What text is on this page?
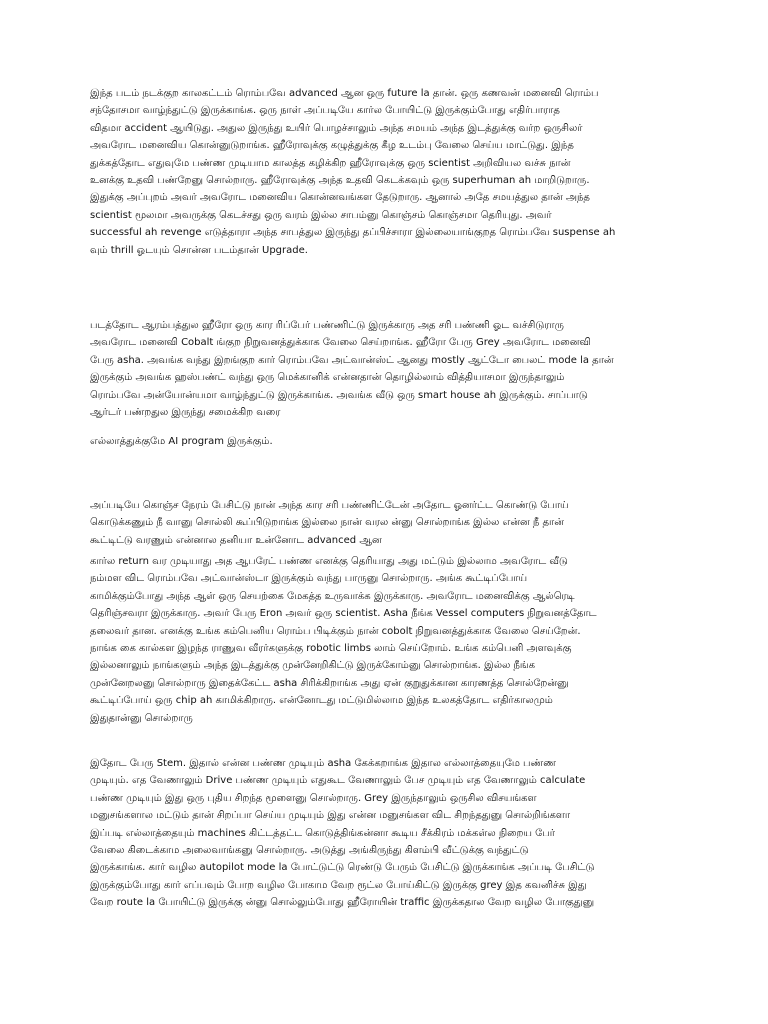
இந்த படம் நடக்குற காலகட்டம் ரொம்பவே advanced ஆன ஒரு future la தான். ஒரு கணவன் மனைவி ரொம்ப
சந்தோசமா வாழ்ந்துட்டு இருக்காங்க. ஒரு நாள் அப்படியே கார்ல போயிட்டு இருக்கும்போது எதிர்பாராத
விதமா accident ஆயிடுது. அதுல இருந்து உயிர் பொழச்சாலும் அந்த சமயம் அந்த இடத்துக்கு வர்ற ஒருசிலர்
அவரோட மனைவிய கொன்னுடுறாங்க. ஹீரோவுக்கு கழுத்துக்கு கீழ உடம்பு வேலை செய்ய மாட்டுது. இந்த
துக்கத்தோட எதுவுமே பண்ண முடியாம காலத்த கழிக்கிற ஹீரோவுக்கு ஒரு scientist அறிவியல வச்சு நான்
உனக்கு உதவி பண்றேனு சொல்றாரு. ஹீரோவுக்கு அந்த உதவி கெடக்கவும் ஒரு superhuman ah மாறிடுறாரு.
இதுக்கு அப்புறம் அவர் அவரோட மனைவிய கொன்னவங்கள தேடுறாரு. ஆனால் அதே சமயத்துல தான் அந்த
scientist மூலமா அவருக்கு கெடச்சது ஒரு வரம் இல்ல சாபம்னு கொஞ்சம் கொஞ்சமா தெரியுது. அவர்
successful ah revenge எடுத்தாரா அந்த சாபத்துல இருந்து தப்பிச்சாரா இல்லையாங்குறத ரொம்பவே suspense ah
வும் thrill ஓடயும் சொன்ன படம்தான் Upgrade.

படத்தோட ஆரம்பத்துல ஹீரோ ஒரு கார ரிப்பேர் பண்ணிட்டு இருக்காரு அத சரி பண்ணி ஓட வச்சிடுராரு
அவரோட மனைவி Cobalt ங்குற நிறுவனத்துக்காக வேலை செய்றாங்க. ஹீரோ பேரு Grey அவரோட மனைவி
பேரு asha. அவங்க வந்து இறங்குற கார் ரொம்பவே அட்வான்ஸ்ட் ஆனது mostly ஆட்டோ பைலட் mode la தான்
இருக்கும் அவங்க ஹஸ்பண்ட் வந்து ஒரு மெக்கானிக் என்னதான் தொழில்லாம் வித்தியாசமா இருந்தாலும்
ரொம்பவே அன்யோன்யமா வாழ்ந்துட்டு இருக்காங்க. அவங்க வீடு ஒரு smart house ah இருக்கும். சாப்பாடு
ஆர்டர் பண்றதுல இருந்து சமைக்கிற வரை

எல்லாத்துக்குமே AI program இருக்கும்.

அப்படியே கொஞ்ச நேரம் பேசிட்டு நான் அந்த கார சரி பண்ணிட்டேன் அதோட ஓனர்ட்ட கொண்டு போய்
கொடுக்கணும் நீ வானு சொல்லி கூப்பிடுறாங்க இல்லை நான் வரல ன்னு சொல்றாங்க இல்ல என்ன நீ தான்
கூட்டிட்டு வரணும் என்னால தனியா உன்னோட advanced ஆன

கார்ல return வர முடியாது அத ஆபரேட் பண்ண எனக்கு தெரியாது அது மட்டும் இல்லாம அவரோட வீடு
நம்மள விட ரொம்பவே அட்வான்ஸ்டா இருக்கும் வந்து பாருனு சொல்றாரு. அங்க கூட்டிப்போய்
காமிக்கும்போது அந்த ஆள் ஒரு செயற்கை மேகத்த உருவாக்க இருக்காரு. அவரோட மனைவிக்கு ஆல்ரெடி
தெரிஞ்சவரா இருக்காரு. அவர் பேரு Eron அவர் ஒரு scientist. Asha நீங்க Vessel computers நிறுவனத்தோட
தலைவர் தான. எனக்கு உங்க கம்பெனிய ரொம்ப பிடிக்கும் நான் cobolt நிறுவனத்துக்காக வேலை செய்றேன்.
நாங்க கை கால்கள இழந்த ராணுவ வீரர்களுக்கு robotic limbs லாம் செய்றோம். உங்க கம்பெனி அளவுக்கு
இல்லனாலும் நாங்களும் அந்த இடத்துக்கு முன்னேறிகிட்டு இருக்கோம்னு சொல்றாங்க. இல்ல நீங்க
முன்னேறலனு சொல்றாரு இதைக்கேட்ட asha சிரிக்கிறாங்க அது ஏன் குறுதுக்கான காரணத்த சொல்றேன்னு
கூட்டிப்போய் ஒரு chip ah காமிக்கிறாரு. என்னோடது மட்டுமில்லாம இந்த உலகத்தோட எதிர்காலமும்
இதுதான்னு சொல்றாரு

இதோட பேரு Stem. இதால் என்ன பண்ண முடியும் asha கேக்கறாங்க இதால எல்லாத்தையுமே பண்ண
முடியும். எத வேணாலும் Drive பண்ண முடியும் எதுகூட வேணாலும் பேச முடியும் எத வேணாலும் calculate
பண்ண முடியும் இது ஒரு புதிய சிறந்த மூளைனு சொல்றாரு. Grey இருந்தாலும் ஒருசில விசயங்கள
மனுசங்களால மட்டும் தான் சிறப்பா செய்ய முடியும் இது என்ன மனுசங்கள விட சிறந்ததுனு சொல்றிங்களா
இப்படி எல்லாத்தையும் machines கிட்டத்தட்ட கொடுத்திங்கன்னா கூடிய சீக்கிரம் மக்கள்ல நிறைய பேர்
வேலை கிடைக்காம அலைவாங்கனு சொல்றாரு. அடுத்து அங்கிருந்து கிளம்பி வீட்டுக்கு வந்துட்டு
இருக்காங்க. கார் வழில autopilot mode la போட்டுட்டு ரெண்டு பேரும் பேசிட்டு இருக்காங்க அப்படி பேசிட்டு
இருக்கும்போது கார் எப்பவும் போற வழில போகாம வேற ரூட்ல போய்கிட்டு இருக்கு grey இத கவனிச்சு இது
வேற route la போயிட்டு இருக்கு ன்னு சொல்லும்போது ஹீரோயின் traffic இருக்கதால வேற வழில போகுதுனு
